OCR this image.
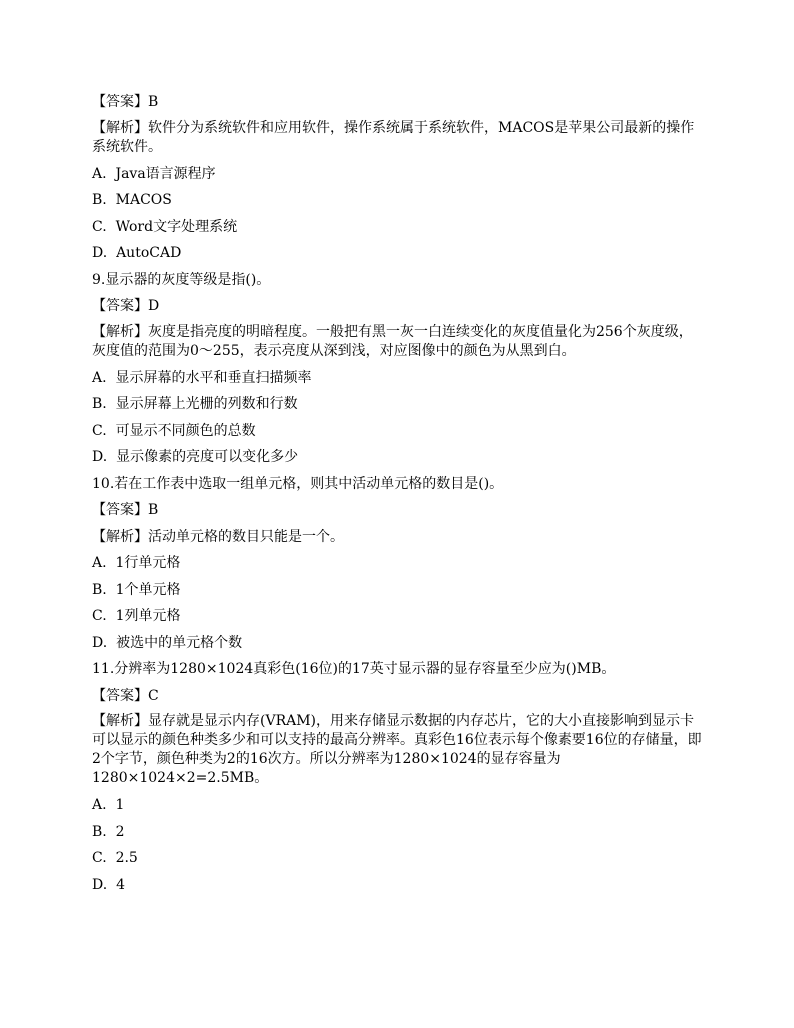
【答案】B
【解析】软件分为系统软件和应用软件，操作系统属于系统软件，MACOS是苹果公司最新的操作系统软件。
A.  Java语言源程序
B.  MACOS
C.  Word文字处理系统
D.  AutoCAD
9.显示器的灰度等级是指()。
【答案】D
【解析】灰度是指亮度的明暗程度。一般把有黑一灰一白连续变化的灰度值量化为256个灰度级，灰度值的范围为0～255，表示亮度从深到浅，对应图像中的颜色为从黑到白。
A.  显示屏幕的水平和垂直扫描频率
B.  显示屏幕上光栅的列数和行数
C.  可显示不同颜色的总数
D.  显示像素的亮度可以变化多少
10.若在工作表中选取一组单元格，则其中活动单元格的数目是()。
【答案】B
【解析】活动单元格的数目只能是一个。
A.  1行单元格
B.  1个单元格
C.  1列单元格
D.  被选中的单元格个数
11.分辨率为1280×1024真彩色(16位)的17英寸显示器的显存容量至少应为()MB。
【答案】C
【解析】显存就是显示内存(VRAM)，用来存储显示数据的内存芯片，它的大小直接影响到显示卡可以显示的颜色种类多少和可以支持的最高分辨率。真彩色16位表示每个像素要16位的存储量，即2个字节，颜色种类为2的16次方。所以分辨率为1280×1024的显存容量为1280×1024×2=2.5MB。
A.  1
B.  2
C.  2.5
D.  4
